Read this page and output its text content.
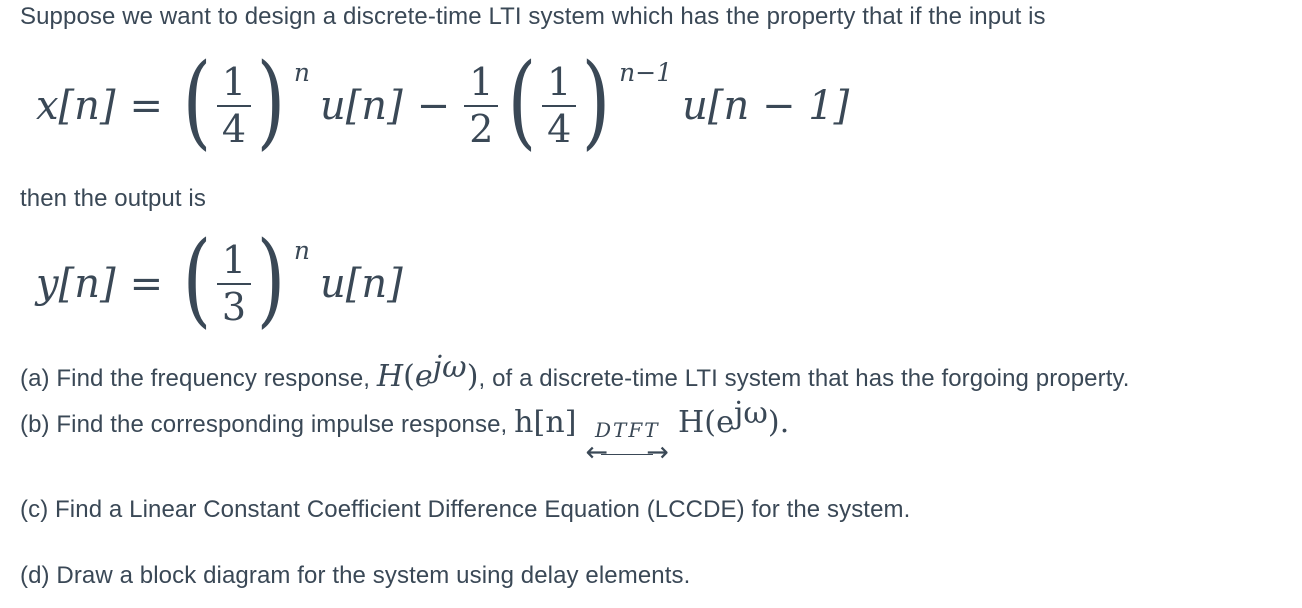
Suppose we want to design a discrete-time LTI system which has the property that if the input is

x[n] = ( $\frac{1}{4}$ ) n
$u[n] - \frac{1}{2}$ ( $\frac{1}{4}$ ) n−1
u[n − 1]

then the output is

y[n] = ( $\frac{1}{3}$ ) n
u[n]

(a) Find the frequency response, $H(e^{j\omega})$, of a discrete-time LTI system that has the forgoing property.

(b) Find the corresponding impulse response, h[n] DTFT
← →
$H(e^{j\omega})$.

(c) Find a Linear Constant Coefficient Difference Equation (LCCDE) for the system.

(d) Draw a block diagram for the system using delay elements.
